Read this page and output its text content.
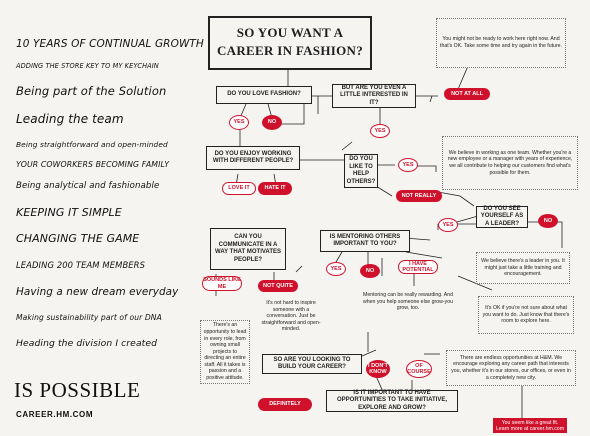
10 YEARS OF CONTINUAL GROWTH
ADDING THE STORE KEY TO MY KEYCHAIN
Being part of the Solution
Leading the team
Being straightforward and open-minded
YOUR COWORKERS BECOMING FAMILY
Being analytical and fashionable
KEEPING IT SIMPLE
CHANGING THE GAME
LEADING 200 TEAM MEMBERS
Having a new dream everyday
Making sustainability part of our DNA
Heading the division I created
IS POSSIBLE
CAREER.HM.COM
SO YOU WANT A
CAREER IN FASHION?
You might not be ready to work here right now. And that's OK. Take some time and try again in the future.
DO YOU LOVE FASHION?
BUT ARE YOU EVEN A LITTLE INTERESTED IN IT?
NOT AT ALL
YES	NO
YES
We believe in working as one team. Whether you're a new employee or a manager with years of experience, we all contribute to helping our customers find what's possible for them.
DO YOU ENJOY WORKING WITH DIFFERENT PEOPLE?	DO YOU LIKE TO HELP OTHERS?
YES
LOVE IT	HATE IT
NOT REALLY
DO YOU SEE YOURSELF AS A LEADER?
YES
NO
CAN YOU COMMUNICATE IN A WAY THAT MOTIVATES PEOPLE?
IS MENTORING OTHERS IMPORTANT TO YOU?
We believe there's a leader in you. It might just take a little training and encouragement.
YES	NO
I HAVE POTENTIAL
SOUNDS LIKE ME	NOT QUITE
It's OK if you're not sure about what you want to do. Just know that there's room to explore here.
Mentoring can be really rewarding. And when you help someone else grow-you grow, too.
It's not hard to inspire someone with a conversation. Just be straightforward and open-minded.
There's an opportunity to lead in every role, from owning small projects to directing an entire staff. All it takes is passion and a positive attitude.
SO ARE YOU LOOKING TO BUILD YOUR CAREER?	I DON'T KNOW
OF COURSE
There are endless opportunities at H&M. We encourage exploring any career path that interests you, whether it's in our stores, our offices, or even in a completely new city.
DEFINITELY
IS IT IMPORTANT TO HAVE OPPORTUNITIES TO TAKE INITIATIVE, EXPLORE AND GROW?
You seem like a great fit.
Learn more at career.hm.com
